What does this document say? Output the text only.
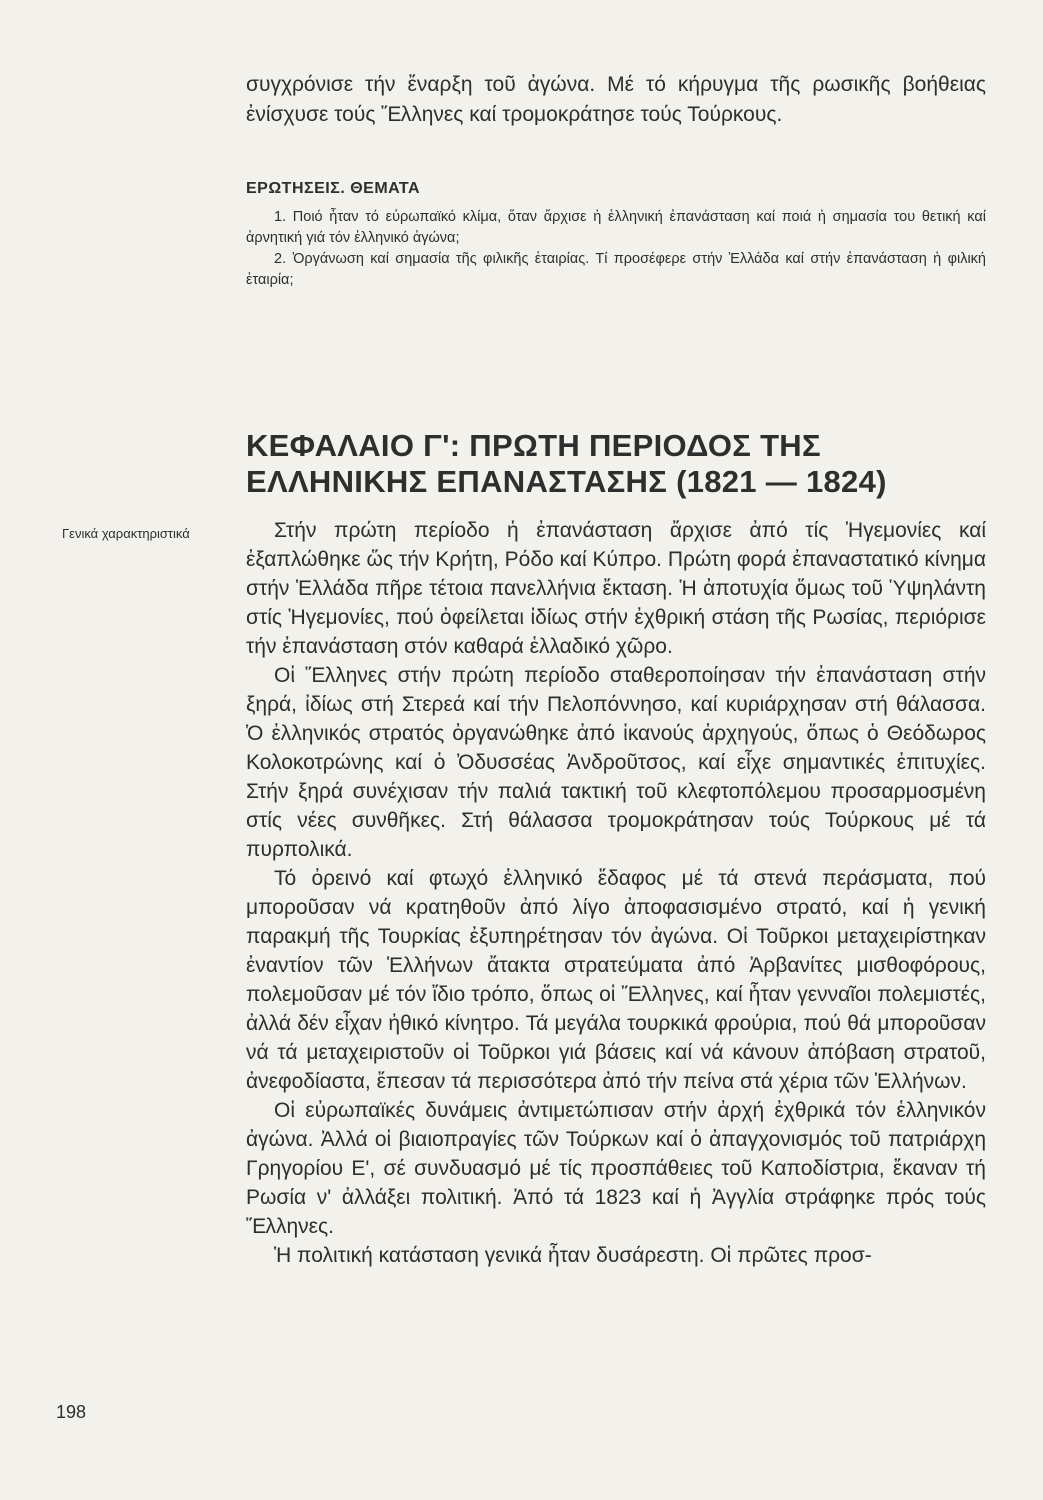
συγχρόνισε τήν ἔναρξη τοῦ ἀγώνα. Μέ τό κήρυγμα τῆς ρωσικῆς βοήθειας ἐνίσχυσε τούς Ἕλληνες καί τρομοκράτησε τούς Τούρκους.

ΕΡΩΤΗΣΕΙΣ. ΘΕΜΑΤΑ

1. Ποιό ἦταν τό εὐρωπαϊκό κλίμα, ὅταν ἄρχισε ἡ ἑλληνική ἐπανάσταση καί ποιά ἡ σημασία του θετική καί ἀρνητική γιά τόν ἑλληνικό ἀγώνα;
2. Ὀργάνωση καί σημασία τῆς φιλικῆς ἑταιρίας. Τί προσέφερε στήν Ἑλλάδα καί στήν ἐπανάσταση ἡ φιλική ἑταιρία;
ΚΕΦΑΛΑΙΟ Γ': ΠΡΩΤΗ ΠΕΡΙΟΔΟΣ ΤΗΣ ΕΛΛΗΝΙΚΗΣ ΕΠΑΝΑΣΤΑΣΗΣ (1821 — 1824)

Γενικά χαρακτηριστικά	Στήν πρώτη περίοδο ἡ ἐπανάσταση ἄρχισε ἀπό τίς Ἡγεμονίες καί ἐξαπλώθηκε ὥς τήν Κρήτη, Ρόδο καί Κύπρο. Πρώτη φορά ἐπαναστατικό κίνημα στήν Ἑλλάδα πῆρε τέτοια πανελλήνια ἔκταση. Ἡ ἀποτυχία ὅμως τοῦ Ὑψηλάντη στίς Ἡγεμονίες, πού ὀφείλεται ἰδίως στήν ἐχθρική στάση τῆς Ρωσίας, περιόρισε τήν ἐπανάσταση στόν καθαρά ἑλλαδικό χῶρο.

Οἱ Ἕλληνες στήν πρώτη περίοδο σταθεροποίησαν τήν ἐπανάσταση στήν ξηρά, ἰδίως στή Στερεά καί τήν Πελοπόννησο, καί κυριάρχησαν στή θάλασσα. Ὁ ἑλληνικός στρατός ὀργανώθηκε ἀπό ἱκανούς ἀρχηγούς, ὅπως ὁ Θεόδωρος Κολοκοτρώνης καί ὁ Ὀδυσσέας Ἀνδροῦτσος, καί εἶχε σημαντικές ἐπιτυχίες. Στήν ξηρά συνέχισαν τήν παλιά τακτική τοῦ κλεφτοπόλεμου προσαρμοσμένη στίς νέες συνθῆκες. Στή θάλασσα τρομοκράτησαν τούς Τούρκους μέ τά πυρπολικά.

Τό ὀρεινό καί φτωχό ἑλληνικό ἔδαφος μέ τά στενά περάσματα, πού μποροῦσαν νά κρατηθοῦν ἀπό λίγο ἀποφασισμένο στρατό, καί ἡ γενική παρακμή τῆς Τουρκίας ἐξυπηρέτησαν τόν ἀγώνα. Οἱ Τοῦρκοι μεταχειρίστηκαν ἐναντίον τῶν Ἑλλήνων ἄτακτα στρατεύματα ἀπό Ἀρβανίτες μισθοφόρους, πολεμοῦσαν μέ τόν ἴδιο τρόπο, ὅπως οἱ Ἕλληνες, καί ἦταν γενναῖοι πολεμιστές, ἀλλά δέν εἶχαν ἠθικό κίνητρο. Τά μεγάλα τουρκικά φρούρια, πού θά μποροῦσαν νά τά μεταχειριστοῦν οἱ Τοῦρκοι γιά βάσεις καί νά κάνουν ἀπόβαση στρατοῦ, ἀνεφοδίαστα, ἔπεσαν τά περισσότερα ἀπό τήν πείνα στά χέρια τῶν Ἑλλήνων.

Οἱ εὐρωπαϊκές δυνάμεις ἀντιμετώπισαν στήν ἀρχή ἐχθρικά τόν ἑλληνικόν ἀγώνα. Ἀλλά οἱ βιαιοπραγίες τῶν Τούρκων καί ὁ ἀπαγχονισμός τοῦ πατριάρχη Γρηγορίου Ε', σέ συνδυασμό μέ τίς προσπάθειες τοῦ Καποδίστρια, ἔκαναν τή Ρωσία ν' ἀλλάξει πολιτική. Ἀπό τά 1823 καί ἡ Ἀγγλία στράφηκε πρός τούς Ἕλληνες.

Ἡ πολιτική κατάσταση γενικά ἦταν δυσάρεστη. Οἱ πρῶτες προσ-

198
